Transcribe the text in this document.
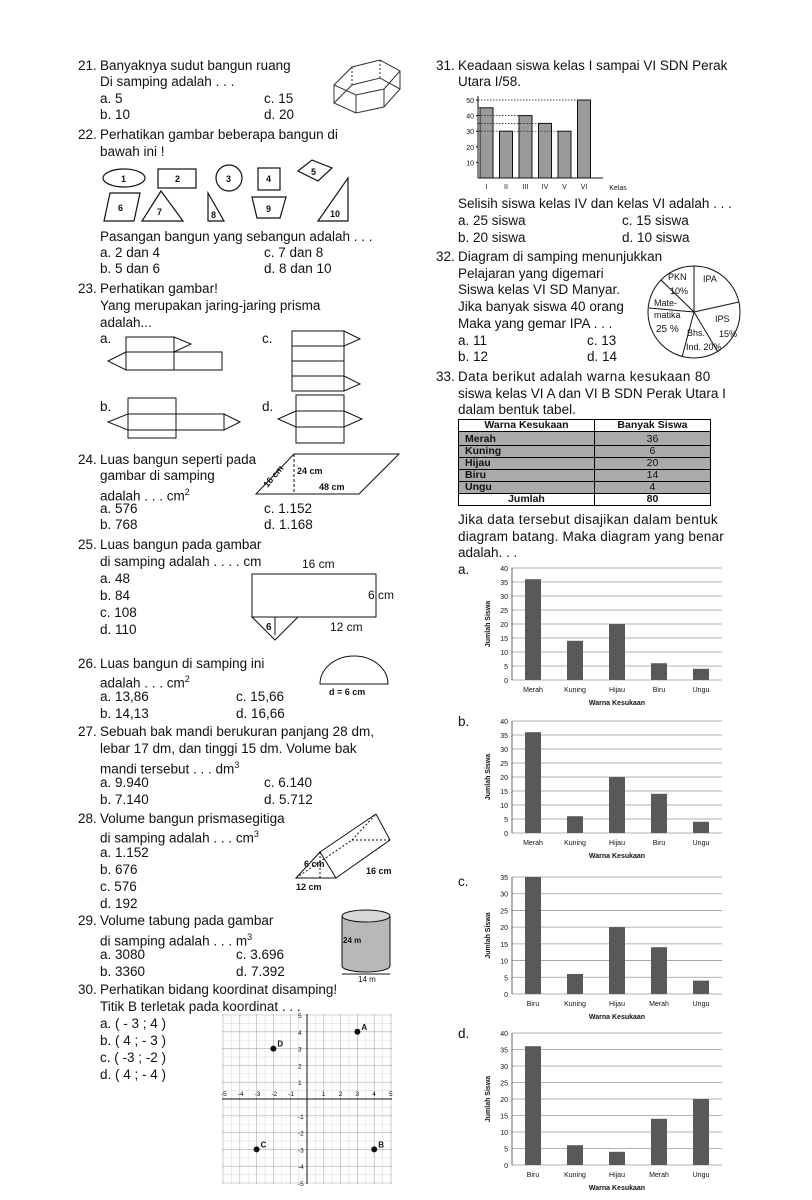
21. Banyaknya sudut bangun ruang
Di samping adalah . . .
a. 5
b. 10
c. 15
d. 20
22. Perhatikan gambar beberapa bangun di
bawah ini !
1	2	3	4
5
6	7	8
9	10
Pasangan bangun yang sebangun adalah . . .
a. 2 dan 4
b. 5 dan 6
c. 7 dan 8
d. 8 dan 10
23. Perhatikan gambar!
Yang merupakan jaring-jaring prisma
adalah...
a.	c.
b.	d.
24. Luas bangun seperti pada
gambar di samping
adalah . . . $cm^2$
a. 576
b. 768
c. 1.152
d. 1.168
16 cm 24 cm
48 cm
25. Luas bangun pada gambar
di samping adalah . . . . cm
a. 48
b. 84
c. 108
d. 110
16 cm
6 cm
12 cm
6
26. Luas bangun di samping ini
adalah . . . $cm^2$
a. 13,86
b. 14,13
c. 15,66
d. 16,66
d = 6 cm
27. Sebuah bak mandi berukuran panjang 28 dm,
lebar 17 dm, dan tinggi 15 dm. Volume bak
mandi tersebut . . . $dm^3$
a. 9.940
b. 7.140
c. 6.140
d. 5.712
28. Volume bangun prismasegitiga
di samping adalah . . . $cm^3$
a. 1.152
b. 676
c. 576
d. 192
6 cm
12 cm
16 cm
29. Volume tabung pada gambar
di samping adalah . . . $m^3$
a. 3080
b. 3360
c. 3.696
d. 7.392
24 m
14 m
30. Perhatikan bidang koordinat disamping!
Titik B terletak pada koordinat . . .
a. ( - 3 ; 4 )
b. ( 4 ; - 3 )
c. ( -3 ; -2 )
d. ( 4 ; - 4 )
-5 -4 -3 -2 -1	1 2 3 4 5
5
4
3
2
1
-1
-2
-3
-4
-5
A
D
C	B
31. Keadaan siswa kelas I sampai VI SDN Perak
Utara I/58.
10
20
30
40
50
I II III IV V VI	Kelas
Selisih siswa kelas IV dan kelas VI adalah . . .
a. 25 siswa
b. 20 siswa
c. 15 siswa
d. 10 siswa
32. Diagram di samping menunjukkan
Pelajaran yang digemari
Siswa kelas VI SD Manyar.
Jika banyak siswa 40 orang
Maka yang gemar IPA . . .
a. 11
b. 12
c. 13
d. 14
PKN IPA
10%
Mate-
matika
25 % Bhs. 15%
IPS
Ind. 20%
33. Data berikut adalah warna kesukaan 80
siswa kelas VI A dan VI B SDN Perak Utara I
dalam bentuk tabel.
Warna Kesukaan	Banyak Siswa
Merah	36
Kuning	6
Hijau	20
Biru	14
Ungu	4
Jumlah	80
Jika data tersebut disajikan dalam bentuk
diagram batang. Maka diagram yang benar
adalah. . .
a.
0
5
10
15
20
25
30
35
40
Merah	Kuning	Hijau	Biru	Ungu
Warna Kesukaan
Jumlah Siswa
b.
0
5
10
15
20
25
30
35
40
Merah	Kuning	Hijau	Biru	Ungu
Warna Kesukaan
Jumlah Siswa
c.
0
5
10
15
20
25
30
35
Biru	Kuning	Hijau	Merah	Ungu
Warna Kesukaan
Jumlah Siswa
d.
0
5
10
15
20
25
30
35
40
Biru	Kuning	Hijau	Merah	Ungu
Warna Kesukaan
Jumlah Siswa
